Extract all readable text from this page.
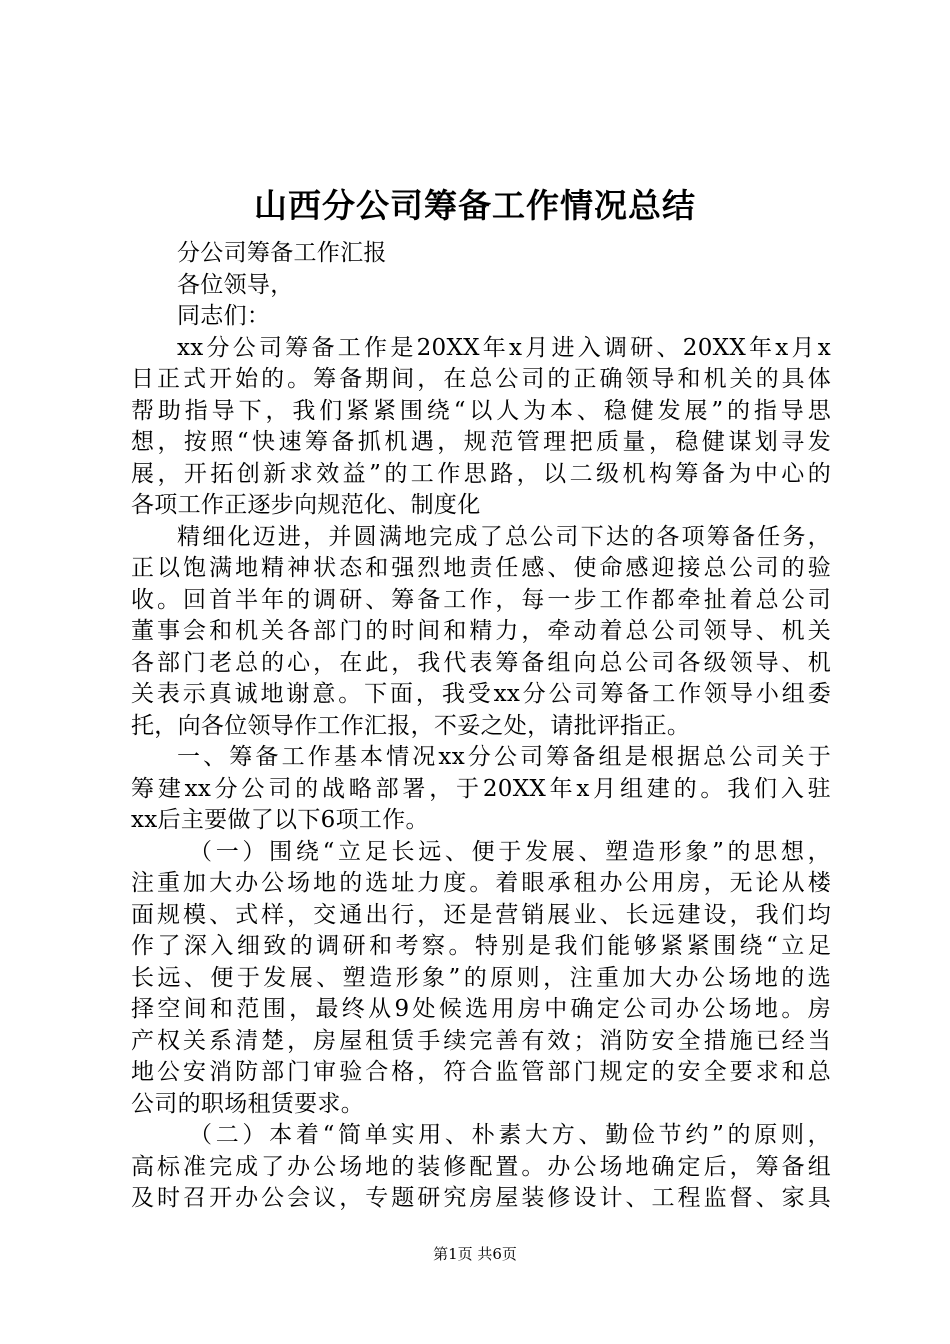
山西分公司筹备工作情况总结
分公司筹备工作汇报
各位领导，
同志们：
xx分公司筹备工作是20XX年x月进入调研、20XX年x月x
日正式开始的。筹备期间，在总公司的正确领导和机关的具体
帮助指导下，我们紧紧围绕“以人为本、稳健发展”的指导思
想，按照“快速筹备抓机遇，规范管理把质量，稳健谋划寻发
展，开拓创新求效益”的工作思路，以二级机构筹备为中心的
各项工作正逐步向规范化、制度化
精细化迈进，并圆满地完成了总公司下达的各项筹备任务，
正以饱满地精神状态和强烈地责任感、使命感迎接总公司的验
收。回首半年的调研、筹备工作，每一步工作都牵扯着总公司
董事会和机关各部门的时间和精力，牵动着总公司领导、机关
各部门老总的心，在此，我代表筹备组向总公司各级领导、机
关表示真诚地谢意。下面，我受xx分公司筹备工作领导小组委
托，向各位领导作工作汇报，不妥之处，请批评指正。
一、筹备工作基本情况xx分公司筹备组是根据总公司关于
筹建xx分公司的战略部署，于20XX年x月组建的。我们入驻
xx后主要做了以下6项工作。
（一）围绕“立足长远、便于发展、塑造形象”的思想，
注重加大办公场地的选址力度。着眼承租办公用房，无论从楼
面规模、式样，交通出行，还是营销展业、长远建设，我们均
作了深入细致的调研和考察。特别是我们能够紧紧围绕“立足
长远、便于发展、塑造形象”的原则，注重加大办公场地的选
择空间和范围，最终从9处候选用房中确定公司办公场地。房
产权关系清楚，房屋租赁手续完善有效；消防安全措施已经当
地公安消防部门审验合格，符合监管部门规定的安全要求和总
公司的职场租赁要求。
（二）本着“简单实用、朴素大方、勤俭节约”的原则，
高标准完成了办公场地的装修配置。办公场地确定后，筹备组
及时召开办公会议，专题研究房屋装修设计、工程监督、家具
第1页 共6页
